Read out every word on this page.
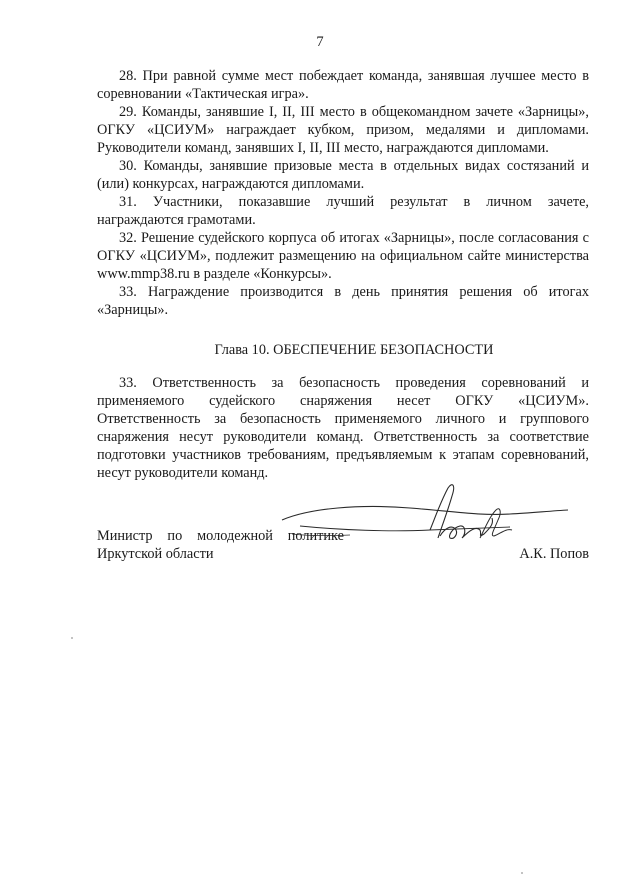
7

28. При равной сумме мест побеждает команда, занявшая лучшее место в соревновании «Тактическая игра».

29. Команды, занявшие I, II, III место в общекомандном зачете «Зарницы», ОГКУ «ЦСИУМ» награждает кубком, призом, медалями и дипломами. Руководители команд, занявших I, II, III место, награждаются дипломами.

30. Команды, занявшие призовые места в отдельных видах состязаний и (или) конкурсах, награждаются дипломами.

31. Участники, показавшие лучший результат в личном зачете, награждаются грамотами.

32. Решение судейского корпуса об итогах «Зарницы», после согласования с ОГКУ «ЦСИУМ», подлежит размещению на официальном сайте министерства www.mmp38.ru в разделе «Конкурсы».

33. Награждение производится в день принятия решения об итогах «Зарницы».

Глава 10. ОБЕСПЕЧЕНИЕ БЕЗОПАСНОСТИ

33. Ответственность за безопасность проведения соревнований и применяемого судейского снаряжения несет ОГКУ «ЦСИУМ». Ответственность за безопасность применяемого личного и группового снаряжения несут руководители команд. Ответственность за соответствие подготовки участников требованиям, предъявляемым к этапам соревнований, несут руководители команд.

Министр по молодежной политике
Иркутской области	А.К. Попов
